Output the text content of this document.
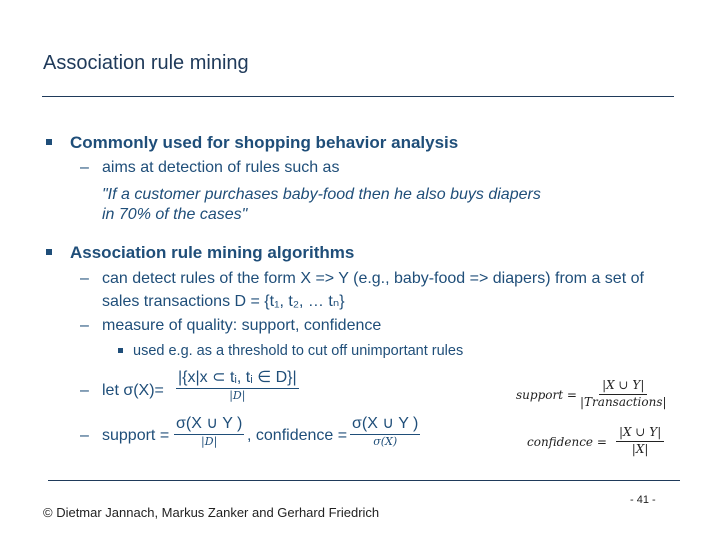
Association rule mining
Commonly used for shopping behavior analysis
– aims at detection of rules such as
"If a customer purchases baby-food then he also buys diapers
in 70% of the cases"
Association rule mining algorithms
– can detect rules of the form X => Y (e.g., baby-food => diapers) from a set of
sales transactions D = {t₁, t₂, … tₙ}
– measure of quality: support, confidence
used e.g. as a threshold to cut off unimportant rules
– let σ(X)=
|{x|x ⊂ tᵢ, tᵢ ∈ D}|
|D|
– support =
σ(X ∪ Y )
|D| , confidence =
σ(X ∪ Y )
σ(X)
support =
|X ∪ Y|
|Transactions|
confidence = $\frac{|X \cup Y|}{|X|}$
© Dietmar Jannach, Markus Zanker and Gerhard Friedrich
- 41 -
